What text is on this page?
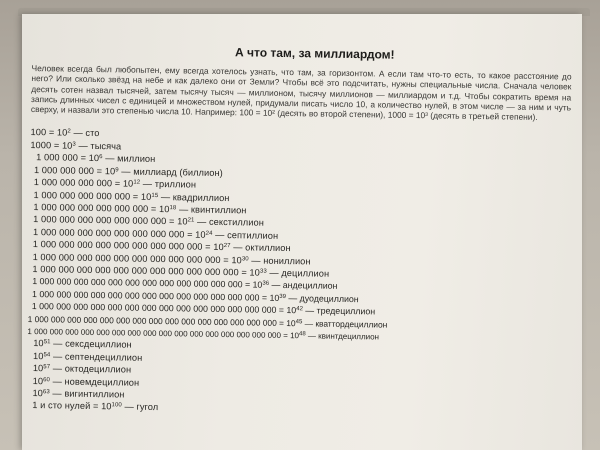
А что там, за миллиардом!
Человек всегда был любопытен, ему всегда хотелось узнать, что там, за горизонтом. А если там что-то есть, то какое расстояние до него? Или сколько звёзд на небе и как далеко они от Земли? Чтобы всё это подсчитать, нужны специальные числа. Сначала человек десять сотен назвал тысячей, затем тысячу тысяч — миллионом, тысячу миллионов — миллиардом и т.д. Чтобы сократить время на запись длинных чисел с единицей и множеством нулей, придумали писать число 10, а количество нулей, в этом числе — за ним и чуть сверху, и назвали это степенью числа 10. Например: 100 = 10² (десять во второй степени), 1000 = 10³ (десять в третьей степени).
$100 = 10^2$ — сто
$1000 = 10^3$ — тысяча
1 000 $000 = 10^6$ — миллион
1 000 000 $000 = 10^9$ — миллиард (биллион)
1 000 000 000 $000 = 10^{12}$ — триллион
1 000 000 000 000 $000 = 10^{15}$ — квадриллион
1 000 000 000 000 000 $000 = 10^{18}$ — квинтиллион
1 000 000 000 000 000 000 $000 = 10^{21}$ — секстиллион
1 000 000 000 000 000 000 000 $000 = 10^{24}$ — септиллион
1 000 000 000 000 000 000 000 000 $000 = 10^{27}$ — октиллион
1 000 000 000 000 000 000 000 000 000 $000 = 10^{30}$ — нониллион
1 000 000 000 000 000 000 000 000 000 000 $000 = 10^{33}$ — дециллион
1 000 000 000 000 000 000 000 000 000 000 000 $000 = 10^{36}$ — андециллион
1 000 000 000 000 000 000 000 000 000 000 000 000 $000 = 10^{39}$ — дуодециллион
1 000 000 000 000 000 000 000 000 000 000 000 000 000 $000 = 10^{42}$ — тредециллион
1 000 000 000 000 000 000 000 000 000 000 000 000 000 000 $000 = 10^{45}$ — кваттордециллион
1 000 000 000 000 000 000 000 000 000 000 000 000 000 000 000 $000 = 10^{48}$ — квинтдециллион
$10^{51}$ — сексдециллион
$10^{54}$ — септендециллион
$10^{57}$ — октодециллион
$10^{60}$ — новемдециллион
$10^{63}$ — вигинтиллион
1 и сто нулей = $10^{100}$ — гугол
